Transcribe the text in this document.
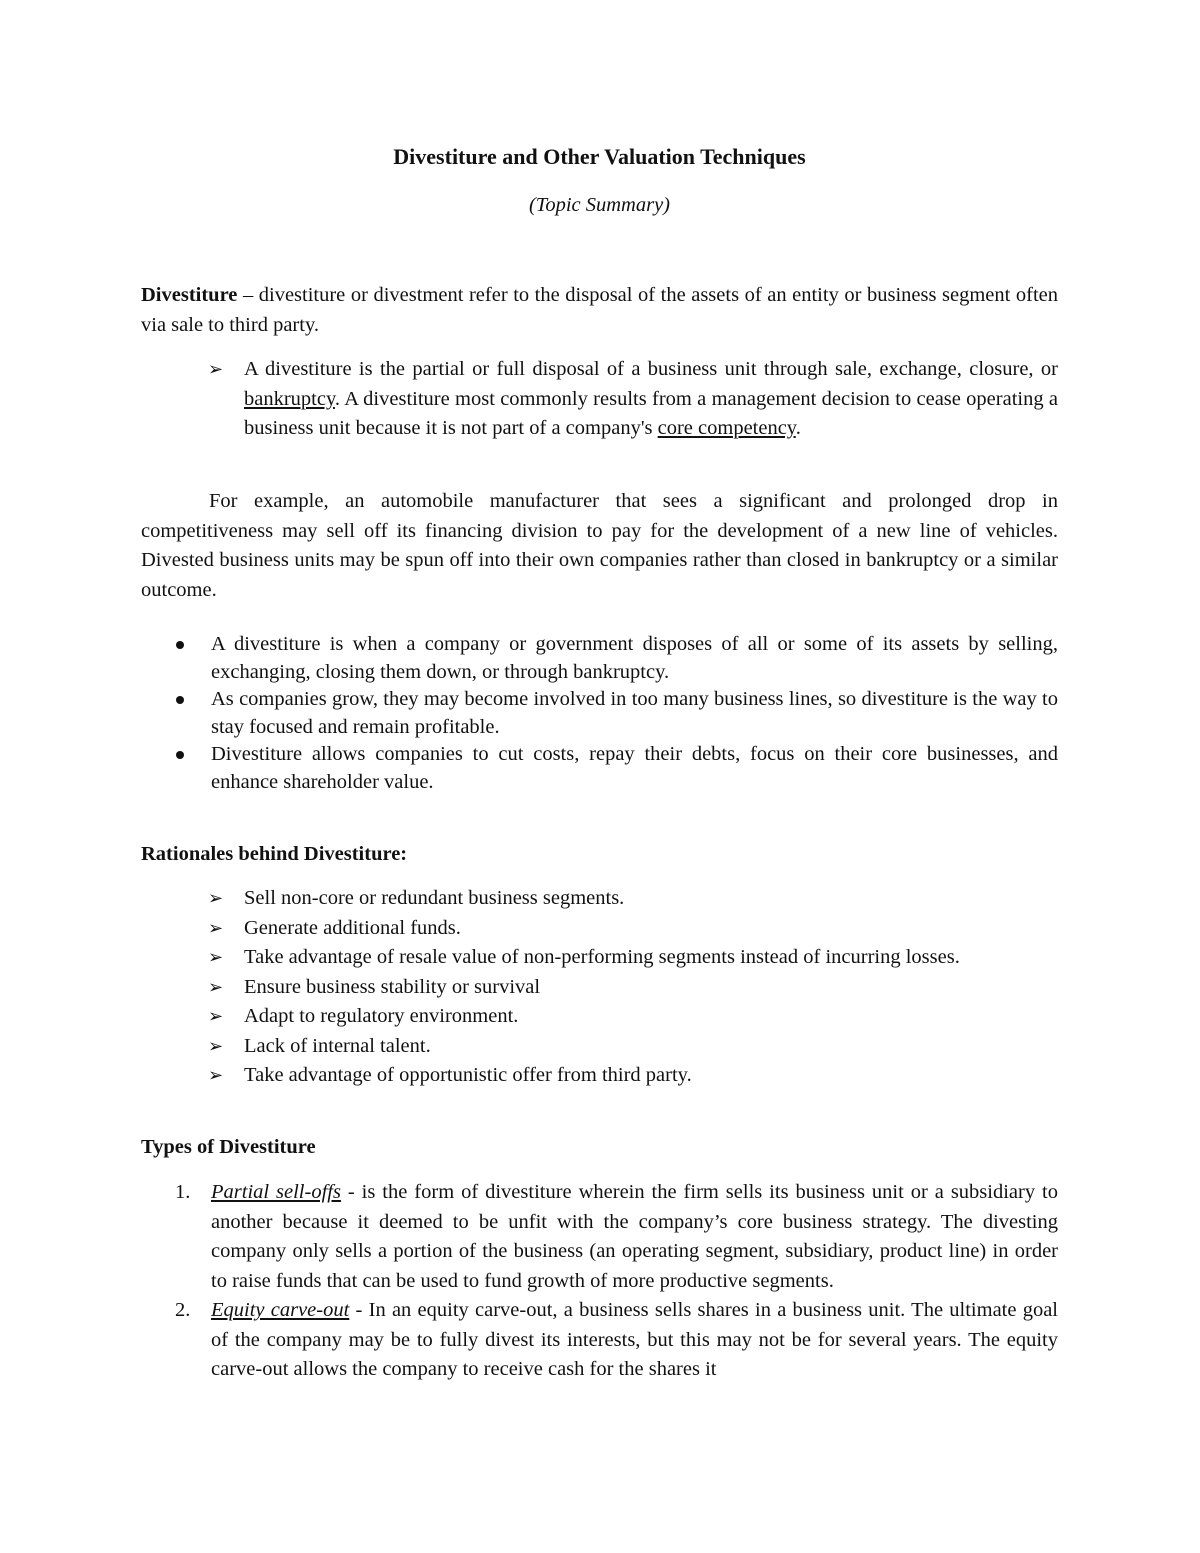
Divestiture and Other Valuation Techniques
(Topic Summary)
Divestiture – divestiture or divestment refer to the disposal of the assets of an entity or business segment often via sale to third party.
➢ A divestiture is the partial or full disposal of a business unit through sale, exchange, closure, or bankruptcy. A divestiture most commonly results from a management decision to cease operating a business unit because it is not part of a company's core competency.
For example, an automobile manufacturer that sees a significant and prolonged drop in competitiveness may sell off its financing division to pay for the development of a new line of vehicles. Divested business units may be spun off into their own companies rather than closed in bankruptcy or a similar outcome.
A divestiture is when a company or government disposes of all or some of its assets by selling, exchanging, closing them down, or through bankruptcy.
As companies grow, they may become involved in too many business lines, so divestiture is the way to stay focused and remain profitable.
Divestiture allows companies to cut costs, repay their debts, focus on their core businesses, and enhance shareholder value.
Rationales behind Divestiture:
➢ Sell non-core or redundant business segments.
➢ Generate additional funds.
➢ Take advantage of resale value of non-performing segments instead of incurring losses.
➢ Ensure business stability or survival
➢ Adapt to regulatory environment.
➢ Lack of internal talent.
➢ Take advantage of opportunistic offer from third party.
Types of Divestiture
1. Partial sell-offs - is the form of divestiture wherein the firm sells its business unit or a subsidiary to another because it deemed to be unfit with the company’s core business strategy. The divesting company only sells a portion of the business (an operating segment, subsidiary, product line) in order to raise funds that can be used to fund growth of more productive segments.
2. Equity carve-out - In an equity carve-out, a business sells shares in a business unit. The ultimate goal of the company may be to fully divest its interests, but this may not be for several years. The equity carve-out allows the company to receive cash for the shares it
